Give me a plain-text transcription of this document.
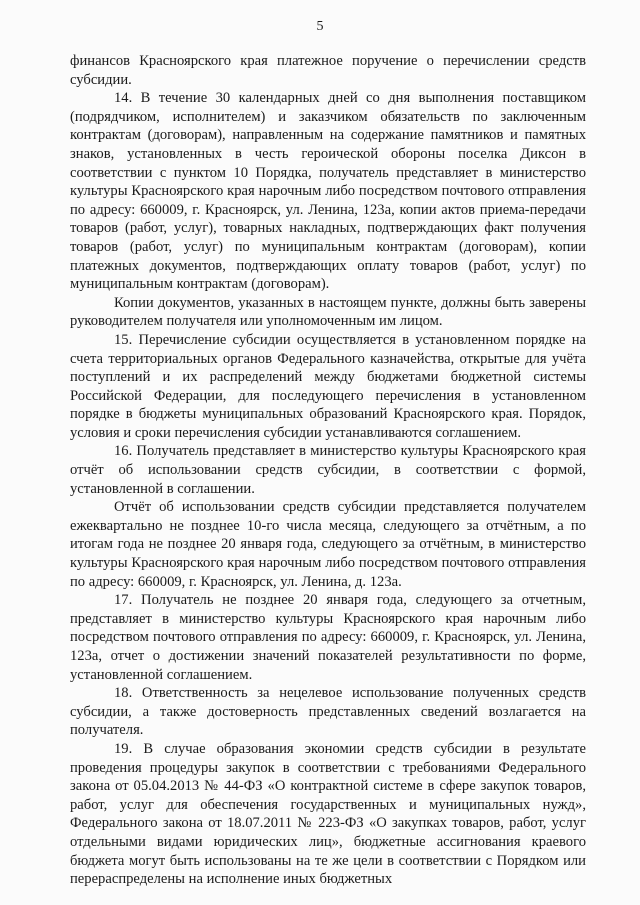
5

финансов Красноярского края платежное поручение о перечислении средств субсидии.

14. В течение 30 календарных дней со дня выполнения поставщиком (подрядчиком, исполнителем) и заказчиком обязательств по заключенным контрактам (договорам), направленным на содержание памятников и памятных знаков, установленных в честь героической обороны поселка Диксон в соответствии с пунктом 10 Порядка, получатель представляет в министерство культуры Красноярского края нарочным либо посредством почтового отправления по адресу: 660009, г. Красноярск, ул. Ленина, 123а, копии актов приема-передачи товаров (работ, услуг), товарных накладных, подтверждающих факт получения товаров (работ, услуг) по муниципальным контрактам (договорам), копии платежных документов, подтверждающих оплату товаров (работ, услуг) по муниципальным контрактам (договорам).

Копии документов, указанных в настоящем пункте, должны быть заверены руководителем получателя или уполномоченным им лицом.

15. Перечисление субсидии осуществляется в установленном порядке на счета территориальных органов Федерального казначейства, открытые для учёта поступлений и их распределений между бюджетами бюджетной системы Российской Федерации, для последующего перечисления в установленном порядке в бюджеты муниципальных образований Красноярского края. Порядок, условия и сроки перечисления субсидии устанавливаются соглашением.

16. Получатель представляет в министерство культуры Красноярского края отчёт об использовании средств субсидии, в соответствии с формой, установленной в соглашении.

Отчёт об использовании средств субсидии представляется получателем ежеквартально не позднее 10-го числа месяца, следующего за отчётным, а по итогам года не позднее 20 января года, следующего за отчётным, в министерство культуры Красноярского края нарочным либо посредством почтового отправления по адресу: 660009, г. Красноярск, ул. Ленина, д. 123а.

17. Получатель не позднее 20 января года, следующего за отчетным, представляет в министерство культуры Красноярского края нарочным либо посредством почтового отправления по адресу: 660009, г. Красноярск, ул. Ленина, 123а, отчет о достижении значений показателей результативности по форме, установленной соглашением.

18. Ответственность за нецелевое использование полученных средств субсидии, а также достоверность представленных сведений возлагается на получателя.

19. В случае образования экономии средств субсидии в результате проведения процедуры закупок в соответствии с требованиями Федерального закона от 05.04.2013 № 44-ФЗ «О контрактной системе в сфере закупок товаров, работ, услуг для обеспечения государственных и муниципальных нужд», Федерального закона от 18.07.2011 № 223-ФЗ «О закупках товаров, работ, услуг отдельными видами юридических лиц», бюджетные ассигнования краевого бюджета могут быть использованы на те же цели в соответствии с Порядком или перераспределены на исполнение иных бюджетных
